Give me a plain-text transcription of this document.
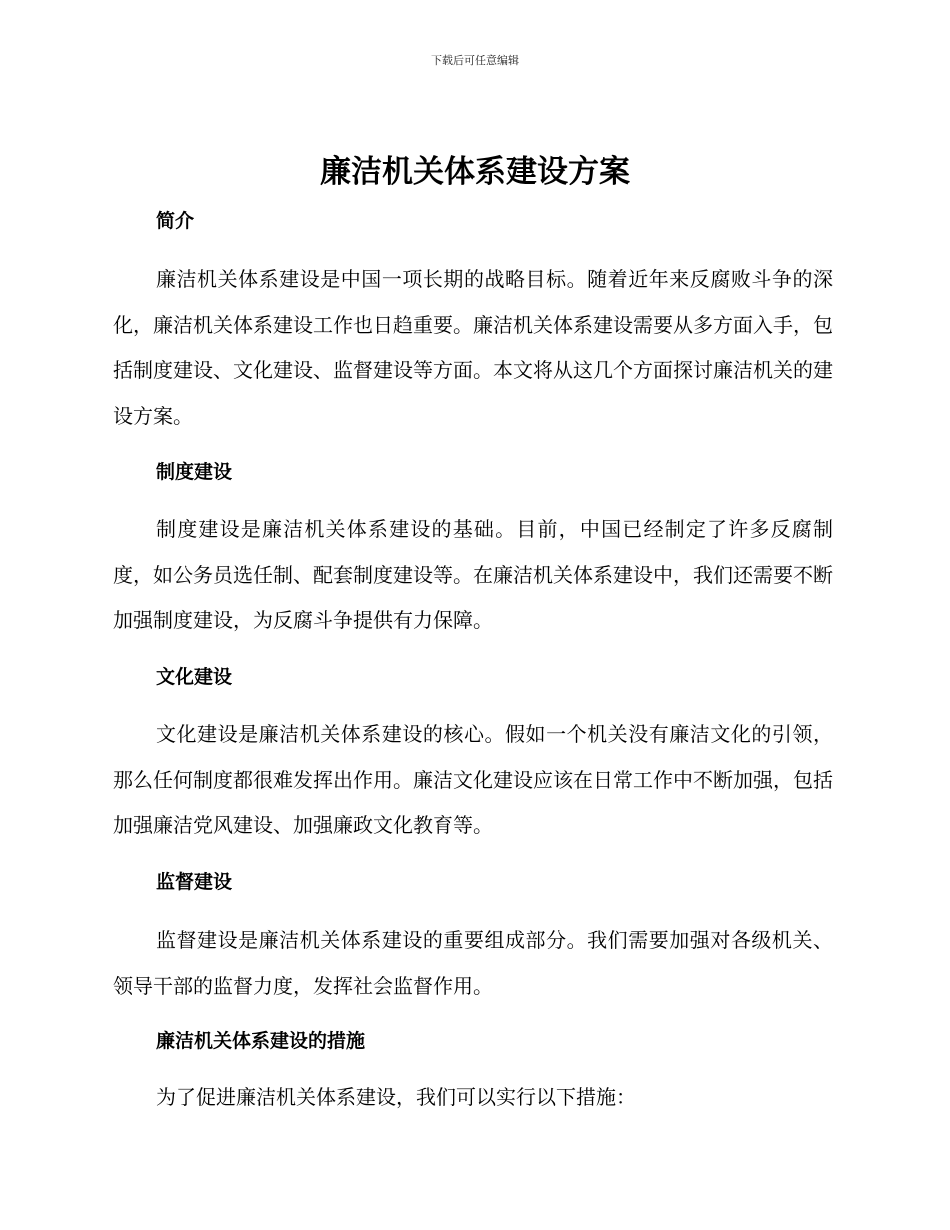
下载后可任意编辑
廉洁机关体系建设方案
简介

廉洁机关体系建设是中国一项长期的战略目标。随着近年来反腐败斗争的深化，廉洁机关体系建设工作也日趋重要。廉洁机关体系建设需要从多方面入手，包括制度建设、文化建设、监督建设等方面。本文将从这几个方面探讨廉洁机关的建设方案。

制度建设

制度建设是廉洁机关体系建设的基础。目前，中国已经制定了许多反腐制度，如公务员选任制、配套制度建设等。在廉洁机关体系建设中，我们还需要不断加强制度建设，为反腐斗争提供有力保障。

文化建设

文化建设是廉洁机关体系建设的核心。假如一个机关没有廉洁文化的引领，那么任何制度都很难发挥出作用。廉洁文化建设应该在日常工作中不断加强，包括加强廉洁党风建设、加强廉政文化教育等。

监督建设

监督建设是廉洁机关体系建设的重要组成部分。我们需要加强对各级机关、领导干部的监督力度，发挥社会监督作用。

廉洁机关体系建设的措施

为了促进廉洁机关体系建设，我们可以实行以下措施：
